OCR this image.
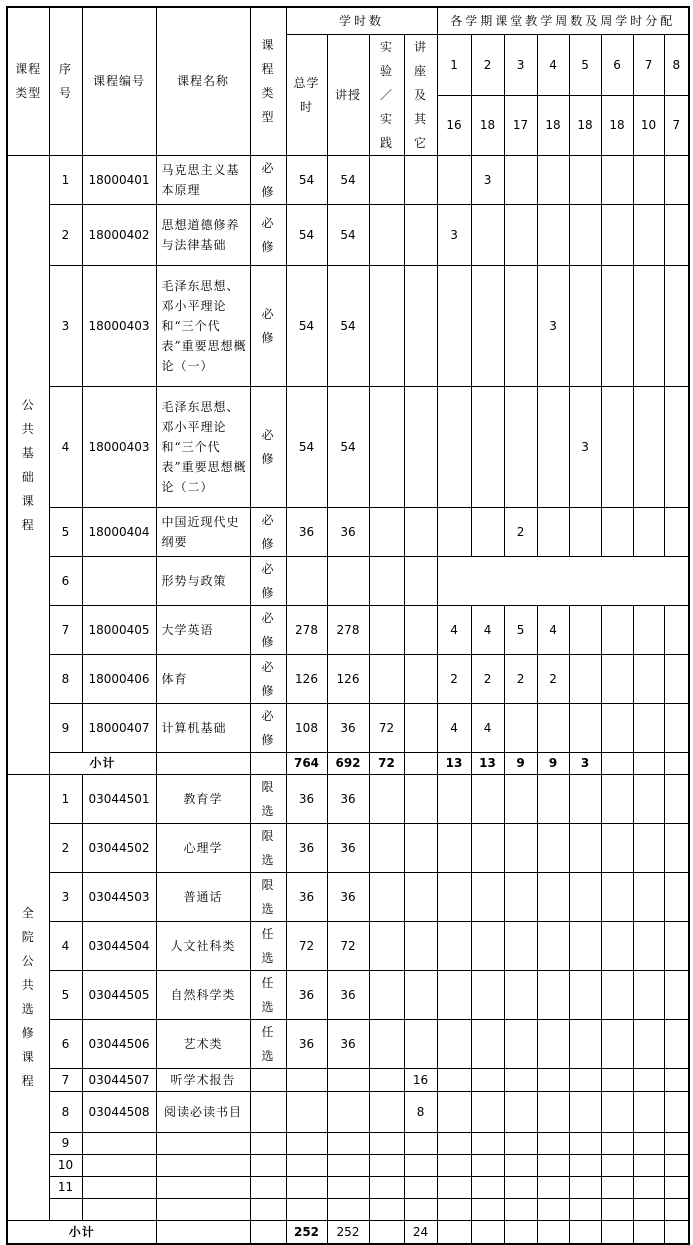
课程类型	序号	课程编号	课程名称	课程类型	学时数				各学期课堂教学周数及周学时分配							
					总学时	讲授	实验／实践	讲座及其它	1	2	3	4	5	6	7	8
									16	18	17	18	18	18	10	7
公共基础课程	1	18000401	马克思主义基本原理	必修	54	54				3						
	2	18000402	思想道德修养与法律基础	必修	54	54			3							
	3	18000403	毛泽东思想、邓小平理论和“三个代表”重要思想概论（一）	必修	54	54						3				
	4	18000403	毛泽东思想、邓小平理论和“三个代表”重要思想概论（二）	必修	54	54							3			
	5	18000404	中国近现代史纲要	必修	36	36					2					
	6		形势与政策	必修												
	7	18000405	大学英语	必修	278	278			4	4	5	4				
	8	18000406	体育	必修	126	126			2	2	2	2				
	9	18000407	计算机基础	必修	108	36	72		4	4						
	小计				764	692	72		13	13	9	9	3			
全院公共选修课程	1	03044501	教育学	限选	36	36										
	2	03044502	心理学	限选	36	36										
	3	03044503	普通话	限选	36	36										
	4	03044504	人文社科类	任选	72	72										
	5	03044505	自然科学类	任选	36	36										
	6	03044506	艺术类	任选	36	36										
	7	03044507	听学术报告					16								
	8	03044508	阅读必读书目					8								
	9															
	10															
	11															

小计					252	252		24								
